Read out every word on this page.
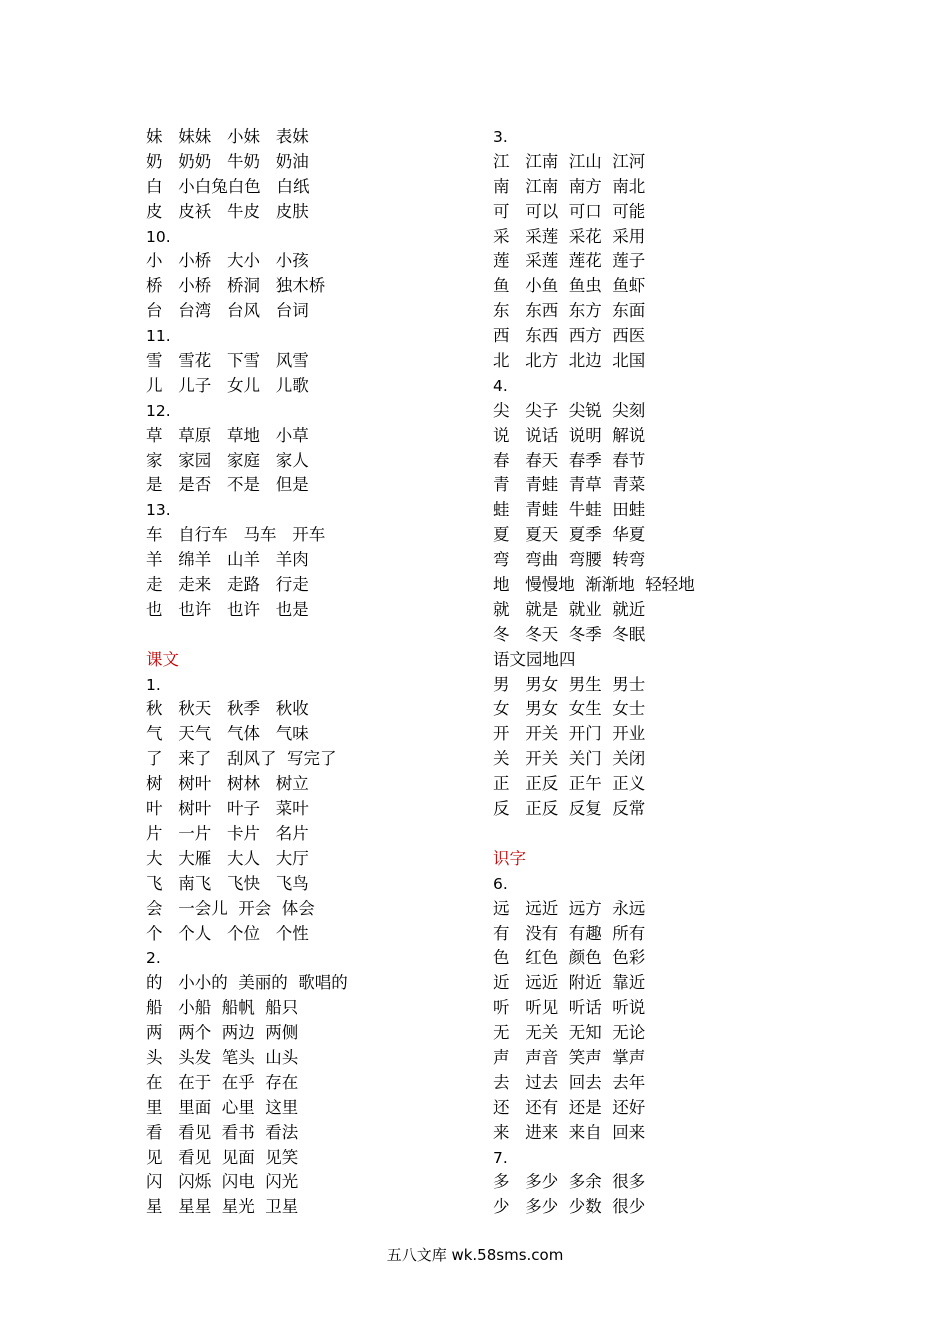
妹   妹妹   小妹   表妹
奶   奶奶   牛奶   奶油
白   小白兔白色   白纸
皮   皮袄   牛皮   皮肤
10.
小   小桥   大小   小孩
桥   小桥   桥洞   独木桥
台   台湾   台风   台词
11.
雪   雪花   下雪   风雪
儿   儿子   女儿   儿歌
12.
草   草原   草地   小草
家   家园   家庭   家人
是   是否   不是   但是
13.
车   自行车   马车   开车
羊   绵羊   山羊   羊肉
走   走来   走路   行走
也   也许   也许   也是
课文
1.
秋   秋天   秋季   秋收
气   天气   气体   气味
了   来了   刮风了  写完了
树   树叶   树林   树立
叶   树叶   叶子   菜叶
片   一片   卡片   名片
大   大雁   大人   大厅
飞   南飞   飞快   飞鸟
会   一会儿  开会  体会
个   个人   个位   个性
2.
的   小小的  美丽的  歌唱的
船   小船  船帆  船只
两   两个  两边  两侧
头   头发  笔头  山头
在   在于  在乎  存在
里   里面  心里  这里
看   看见  看书  看法
见   看见  见面  见笑
闪   闪烁  闪电  闪光
星   星星  星光  卫星
3.
江   江南  江山  江河
南   江南  南方  南北
可   可以  可口  可能
采   采莲  采花  采用
莲   采莲  莲花  莲子
鱼   小鱼  鱼虫  鱼虾
东   东西  东方  东面
西   东西  西方  西医
北   北方  北边  北国
4.
尖   尖子  尖锐  尖刻
说   说话  说明  解说
春   春天  春季  春节
青   青蛙  青草  青菜
蛙   青蛙  牛蛙  田蛙
夏   夏天  夏季  华夏
弯   弯曲  弯腰  转弯
地   慢慢地  渐渐地  轻轻地
就   就是  就业  就近
冬   冬天  冬季  冬眠
语文园地四
男   男女  男生  男士
女   男女  女生  女士
开   开关  开门  开业
关   开关  关门  关闭
正   正反  正午  正义
反   正反  反复  反常
识字
6.
远   远近  远方  永远
有   没有  有趣  所有
色   红色  颜色  色彩
近   远近  附近  靠近
听   听见  听话  听说
无   无关  无知  无论
声   声音  笑声  掌声
去   过去  回去  去年
还   还有  还是  还好
来   进来  来自  回来
7.
多   多少  多余  很多
少   多少  少数  很少
五八文库 wk.58sms.com
